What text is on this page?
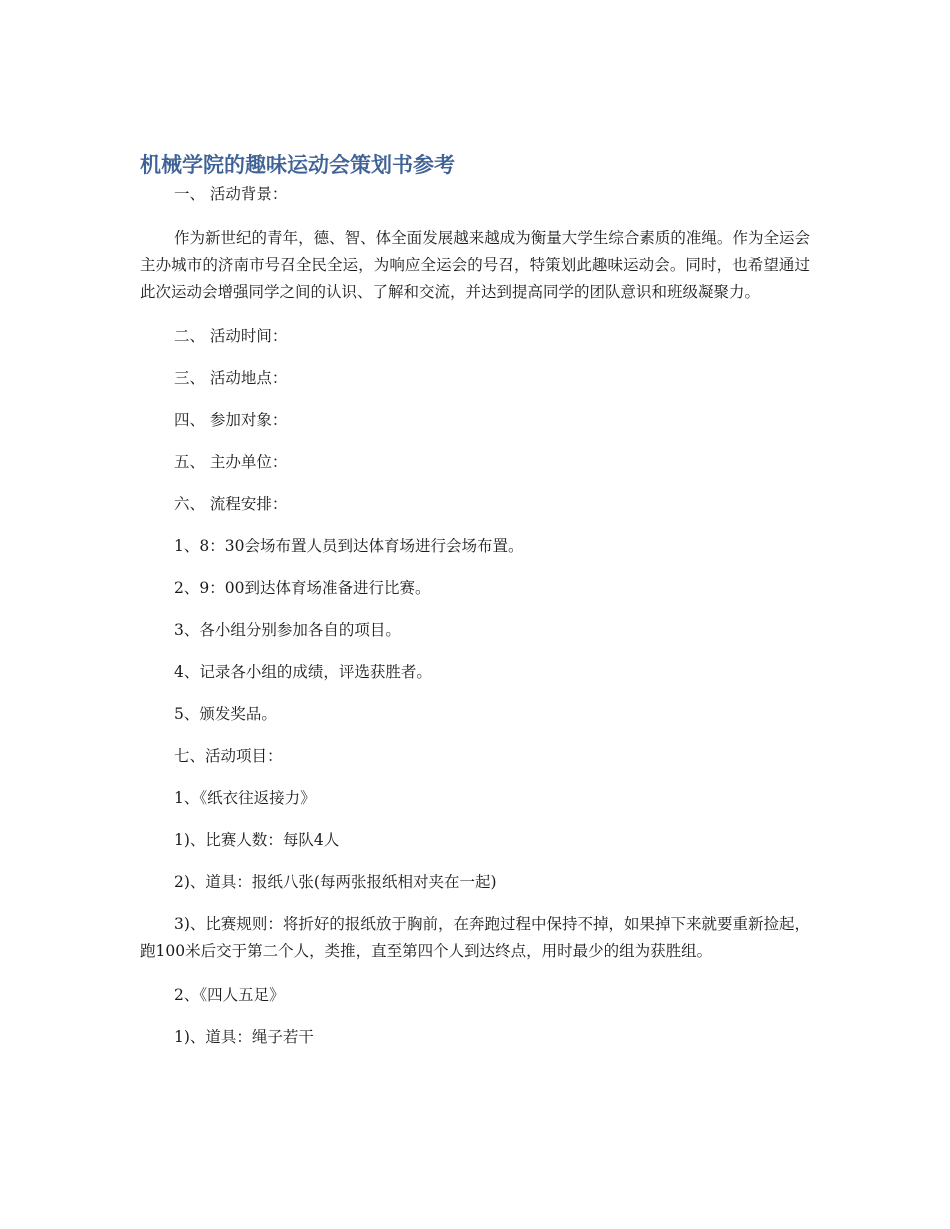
机械学院的趣味运动会策划书参考

一、 活动背景：

作为新世纪的青年，德、智、体全面发展越来越成为衡量大学生综合素质的准绳。作为全运会主办城市的济南市号召全民全运，为响应全运会的号召，特策划此趣味运动会。同时，也希望通过此次运动会增强同学之间的认识、了解和交流，并达到提高同学的团队意识和班级凝聚力。

二、 活动时间：

三、 活动地点：

四、 参加对象：

五、 主办单位：

六、 流程安排：

1、8：30会场布置人员到达体育场进行会场布置。

2、9：00到达体育场准备进行比赛。

3、各小组分别参加各自的项目。

4、记录各小组的成绩，评选获胜者。

5、颁发奖品。

七、活动项目：

1、《纸衣往返接力》

1)、比赛人数：每队4人

2)、道具：报纸八张(每两张报纸相对夹在一起)

3)、比赛规则：将折好的报纸放于胸前，在奔跑过程中保持不掉，如果掉下来就要重新捡起，跑100米后交于第二个人，类推，直至第四个人到达终点，用时最少的组为获胜组。

2、《四人五足》

1)、道具：绳子若干
